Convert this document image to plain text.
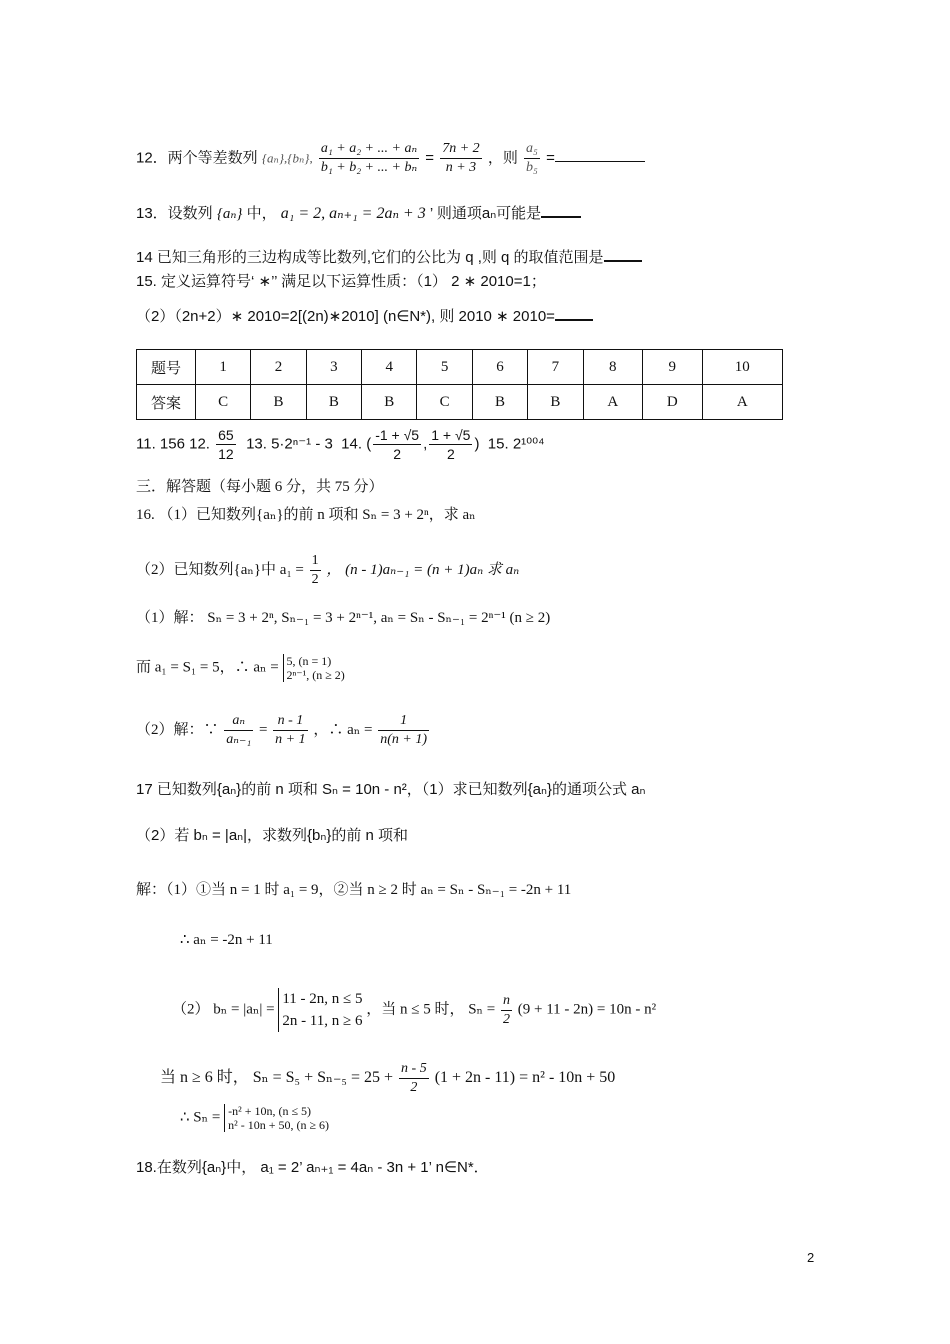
12．两个等差数列 {aₙ},{bₙ}, $\frac{\text{a₁ + a₂ + ... + aₙ}}{\text{b₁ + b₂ + ... + bₙ}} = \frac{7n + 2}{n + 3}$ ，则 $\frac{\text{a₅}}{\text{b₅}}$ =
13．设数列 {aₙ} 中， a₁ = 2, aₙ₊₁ = 2aₙ + 3 ’ 则通项aₙ可能是
14 已知三角形的三边构成等比数列,它们的公比为 q ,则 q 的取值范围是
15. 定义运算符号‘ ∗’’ 满足以下运算性质：（1） 2 ∗ 2010=1；
（2）（2n+2）∗ 2010=2[(2n)∗2010] (n∈N*), 则 2010 ∗ 2010=
题号	1	2	3	4	5	6	7	8	9	10
答案	C	B	B	B	C	B	B	A	D	A
11. 156 12. $\frac{65}{12} 13$. 5·2ⁿ⁻¹ - 3 14. ( $\frac{-1 + √5}{2}$ , $\frac{1 + √5}{2}$ ) 15. 2¹⁰⁰⁴
三．解答题（每小题 6 分，共 75 分）
16. （1）已知数列{aₙ}的前 n 项和 Sₙ = 3 + 2ⁿ，求 aₙ
（2）已知数列{aₙ}中 $a_1 = \frac{1}{2}$ ， (n - 1)aₙ₋₁ = (n + 1)aₙ 求 aₙ
（1）解： Sₙ = 3 + 2ⁿ, Sₙ₋₁ = 3 + 2ⁿ⁻¹, aₙ = Sₙ - Sₙ₋₁ = 2ⁿ⁻¹ (n ≥ 2)
而 a₁ = S₁ = 5，∴ aₙ = 5, (n = 1)
2ⁿ⁻¹, (n ≥ 2)
（2）解：∵ $\frac{\text{aₙ}}{\text{aₙ₋₁}} = \frac{n - 1}{n + 1}$ ，∴ $a_n = \frac{1}{n(n + 1)}$
17 已知数列{aₙ}的前 n 项和 Sₙ = 10n - n²，（1）求已知数列{aₙ}的通项公式 aₙ
（2）若 bₙ = |aₙ|，求数列{bₙ}的前 n 项和
解：（1）①当 n = 1 时 a₁ = 9，②当 n ≥ 2 时 aₙ = Sₙ - Sₙ₋₁ = -2n + 11
∴ aₙ = -2n + 11
（2） bₙ = |aₙ| =
11 - 2n, n ≤ 5
2n - 11, n ≥ 6
，当 n ≤ 5 时， $S_n = \frac{n}{2} (9 + 11 - 2n) = 10n - n^2$
当 n ≥ 6 时， $S_n = S_5 + S_{n-5} = 25 + \frac{n - 5}{2} (1 + 2n - 11) = n^2 - 10n + 50$
∴ Sₙ = -n² + 10n, (n ≤ 5)
n² - 10n + 50, (n ≥ 6)
18.在数列{aₙ}中， a₁ = 2’ aₙ₊₁ = 4aₙ - 3n + 1’ n∈N*．
2
